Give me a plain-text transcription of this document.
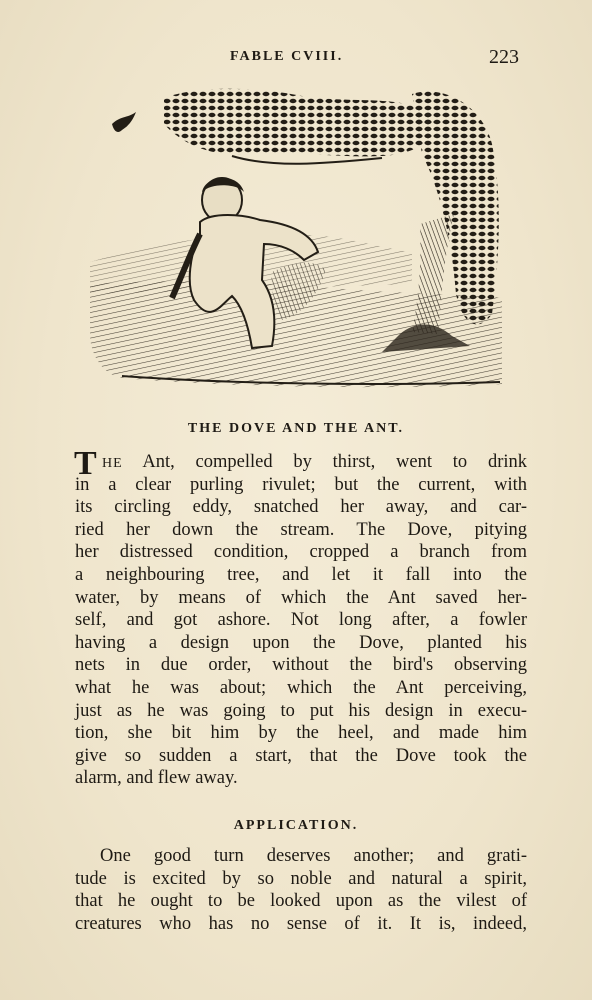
FABLE CVIII.	223
THE DOVE AND THE ANT.
T HE Ant, compelled by thirst, went to drink
in a clear purling rivulet; but the current, with
its circling eddy, snatched her away, and car-
ried her down the stream. The Dove, pitying
her distressed condition, cropped a branch from
a neighbouring tree, and let it fall into the
water, by means of which the Ant saved her-
self, and got ashore. Not long after, a fowler
having a design upon the Dove, planted his
nets in due order, without the bird's observing
what he was about; which the Ant perceiving,
just as he was going to put his design in execu-
tion, she bit him by the heel, and made him
give so sudden a start, that the Dove took the
alarm, and flew away.
APPLICATION.
One good turn deserves another; and grati-
tude is excited by so noble and natural a spirit,
that he ought to be looked upon as the vilest of
creatures who has no sense of it. It is, indeed,
